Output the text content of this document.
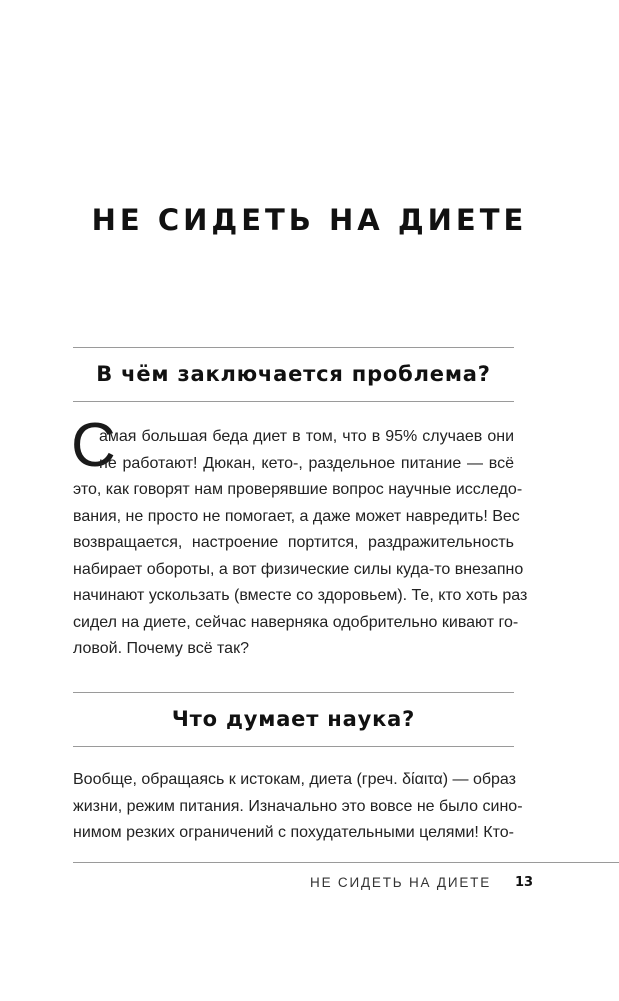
НЕ СИДЕТЬ НА ДИЕТЕ
В чём заключается проблема?
С
амая большая беда диет в том, что в 95% случаев они
не работают! Дюкан, кето-, раздельное питание — всё
это, как говорят нам проверявшие вопрос научные исследо-
вания, не просто не помогает, а даже может навредить! Вес
возвращается, настроение портится, раздражительность
набирает обороты, а вот физические силы куда-то внезапно
начинают ускользать (вместе со здоровьем). Те, кто хоть раз
сидел на диете, сейчас наверняка одобрительно кивают го-
ловой. Почему всё так?
Что думает наука?
Вообще, обращаясь к истокам, диета (греч. δίαιτα) — образ
жизни, режим питания. Изначально это вовсе не было сино-
нимом резких ограничений с похудательными целями! Кто-
НЕ СИДЕТЬ НА ДИЕТЕ 13
